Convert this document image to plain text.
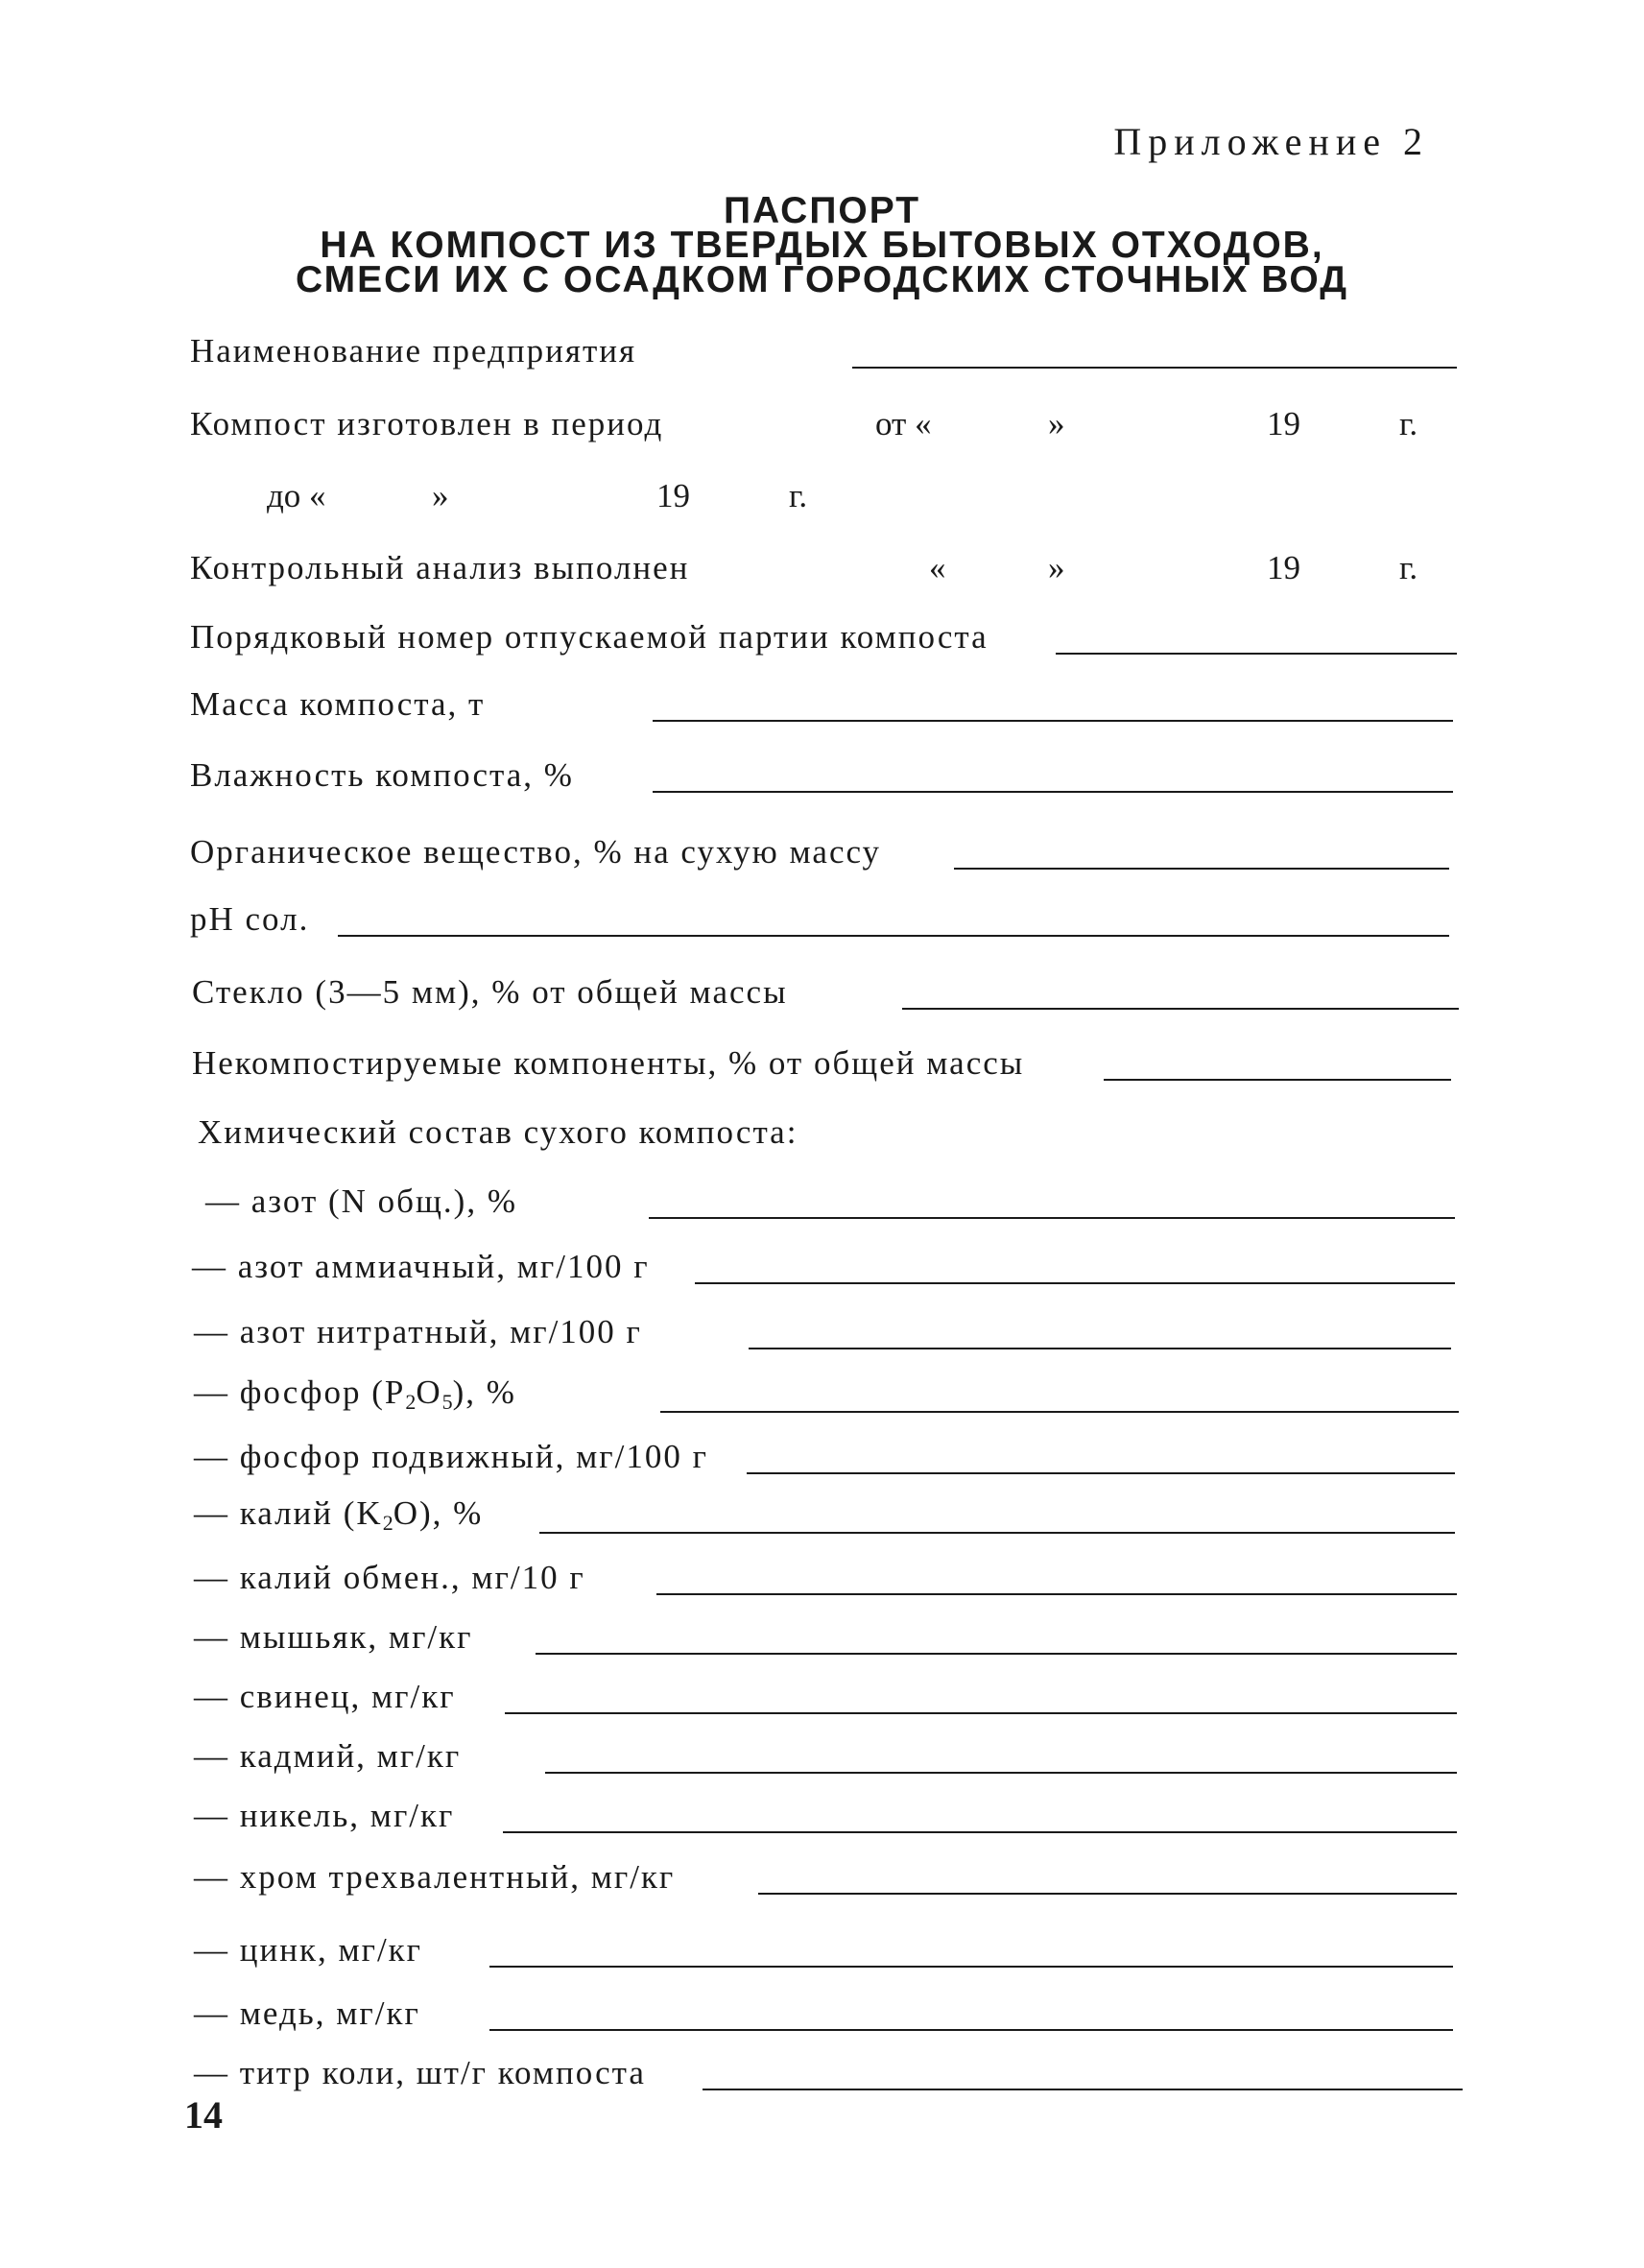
Приложение 2
ПАСПОРТ
НА КОМПОСТ ИЗ ТВЕРДЫХ БЫТОВЫХ ОТХОДОВ,
СМЕСИ ИХ С ОСАДКОМ ГОРОДСКИХ СТОЧНЫХ ВОД
Наименование предприятия
Компост изготовлен в период	от «	»	19	г.
до «	»	19	г.
Контрольный анализ выполнен	«	»	19	г.
Порядковый номер отпускаемой партии компоста
Масса компоста, т
Влажность компоста, %
Органическое вещество, % на сухую массу
pH сол.
Стекло (3—5 мм), % от общей массы
Некомпостируемые компоненты, % от общей массы
Химический состав сухого компоста:
— азот (N общ.), %
— азот аммиачный, мг/100 г
— азот нитратный, мг/100 г
— фосфор $(P_2O_5)$, %
— фосфор подвижный, мг/100 г
— калий $(K_2O)$, %
— калий обмен., мг/10 г
— мышьяк, мг/кг
— свинец, мг/кг
— кадмий, мг/кг
— никель, мг/кг
— хром трехвалентный, мг/кг
— цинк, мг/кг
— медь, мг/кг
— титр коли, шт/г компоста
14
